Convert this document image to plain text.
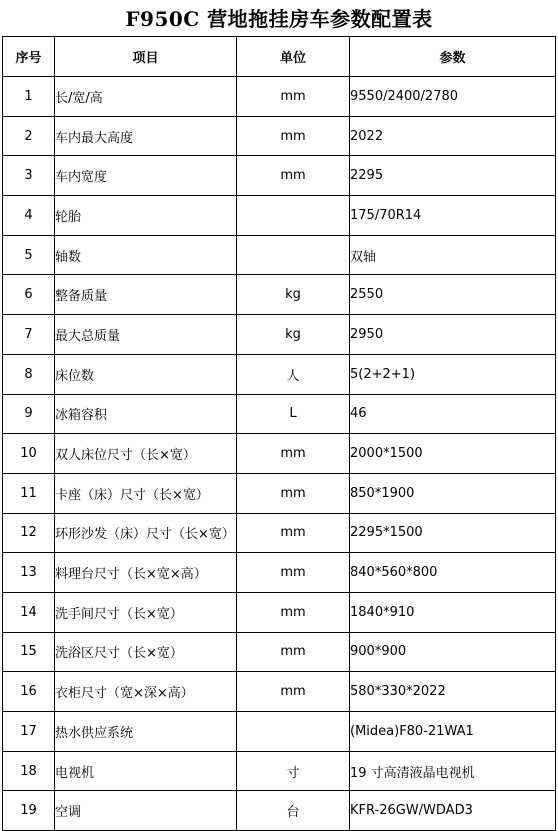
F950C 营地拖挂房车参数配置表
序号	项目	单位	参数
1	长/宽/高	mm	9550/2400/2780
2	车内最大高度	mm	2022
3	车内宽度	mm	2295
4	轮胎		175/70R14
5	轴数		双轴
6	整备质量	kg	2550
7	最大总质量	kg	2950
8	床位数	人	5(2+2+1)
9	冰箱容积	L	46
10	双人床位尺寸（长×宽）	mm	2000*1500
11	卡座（床）尺寸（长×宽）	mm	850*1900
12	环形沙发（床）尺寸（长×宽）	mm	2295*1500
13	料理台尺寸（长×宽×高）	mm	840*560*800
14	洗手间尺寸（长×宽）	mm	1840*910
15	洗浴区尺寸（长×宽）	mm	900*900
16	衣柜尺寸（宽×深×高）	mm	580*330*2022
17	热水供应系统		(Midea)F80-21WA1
18	电视机	寸	19 寸高清液晶电视机
19	空调	台	KFR-26GW/WDAD3
